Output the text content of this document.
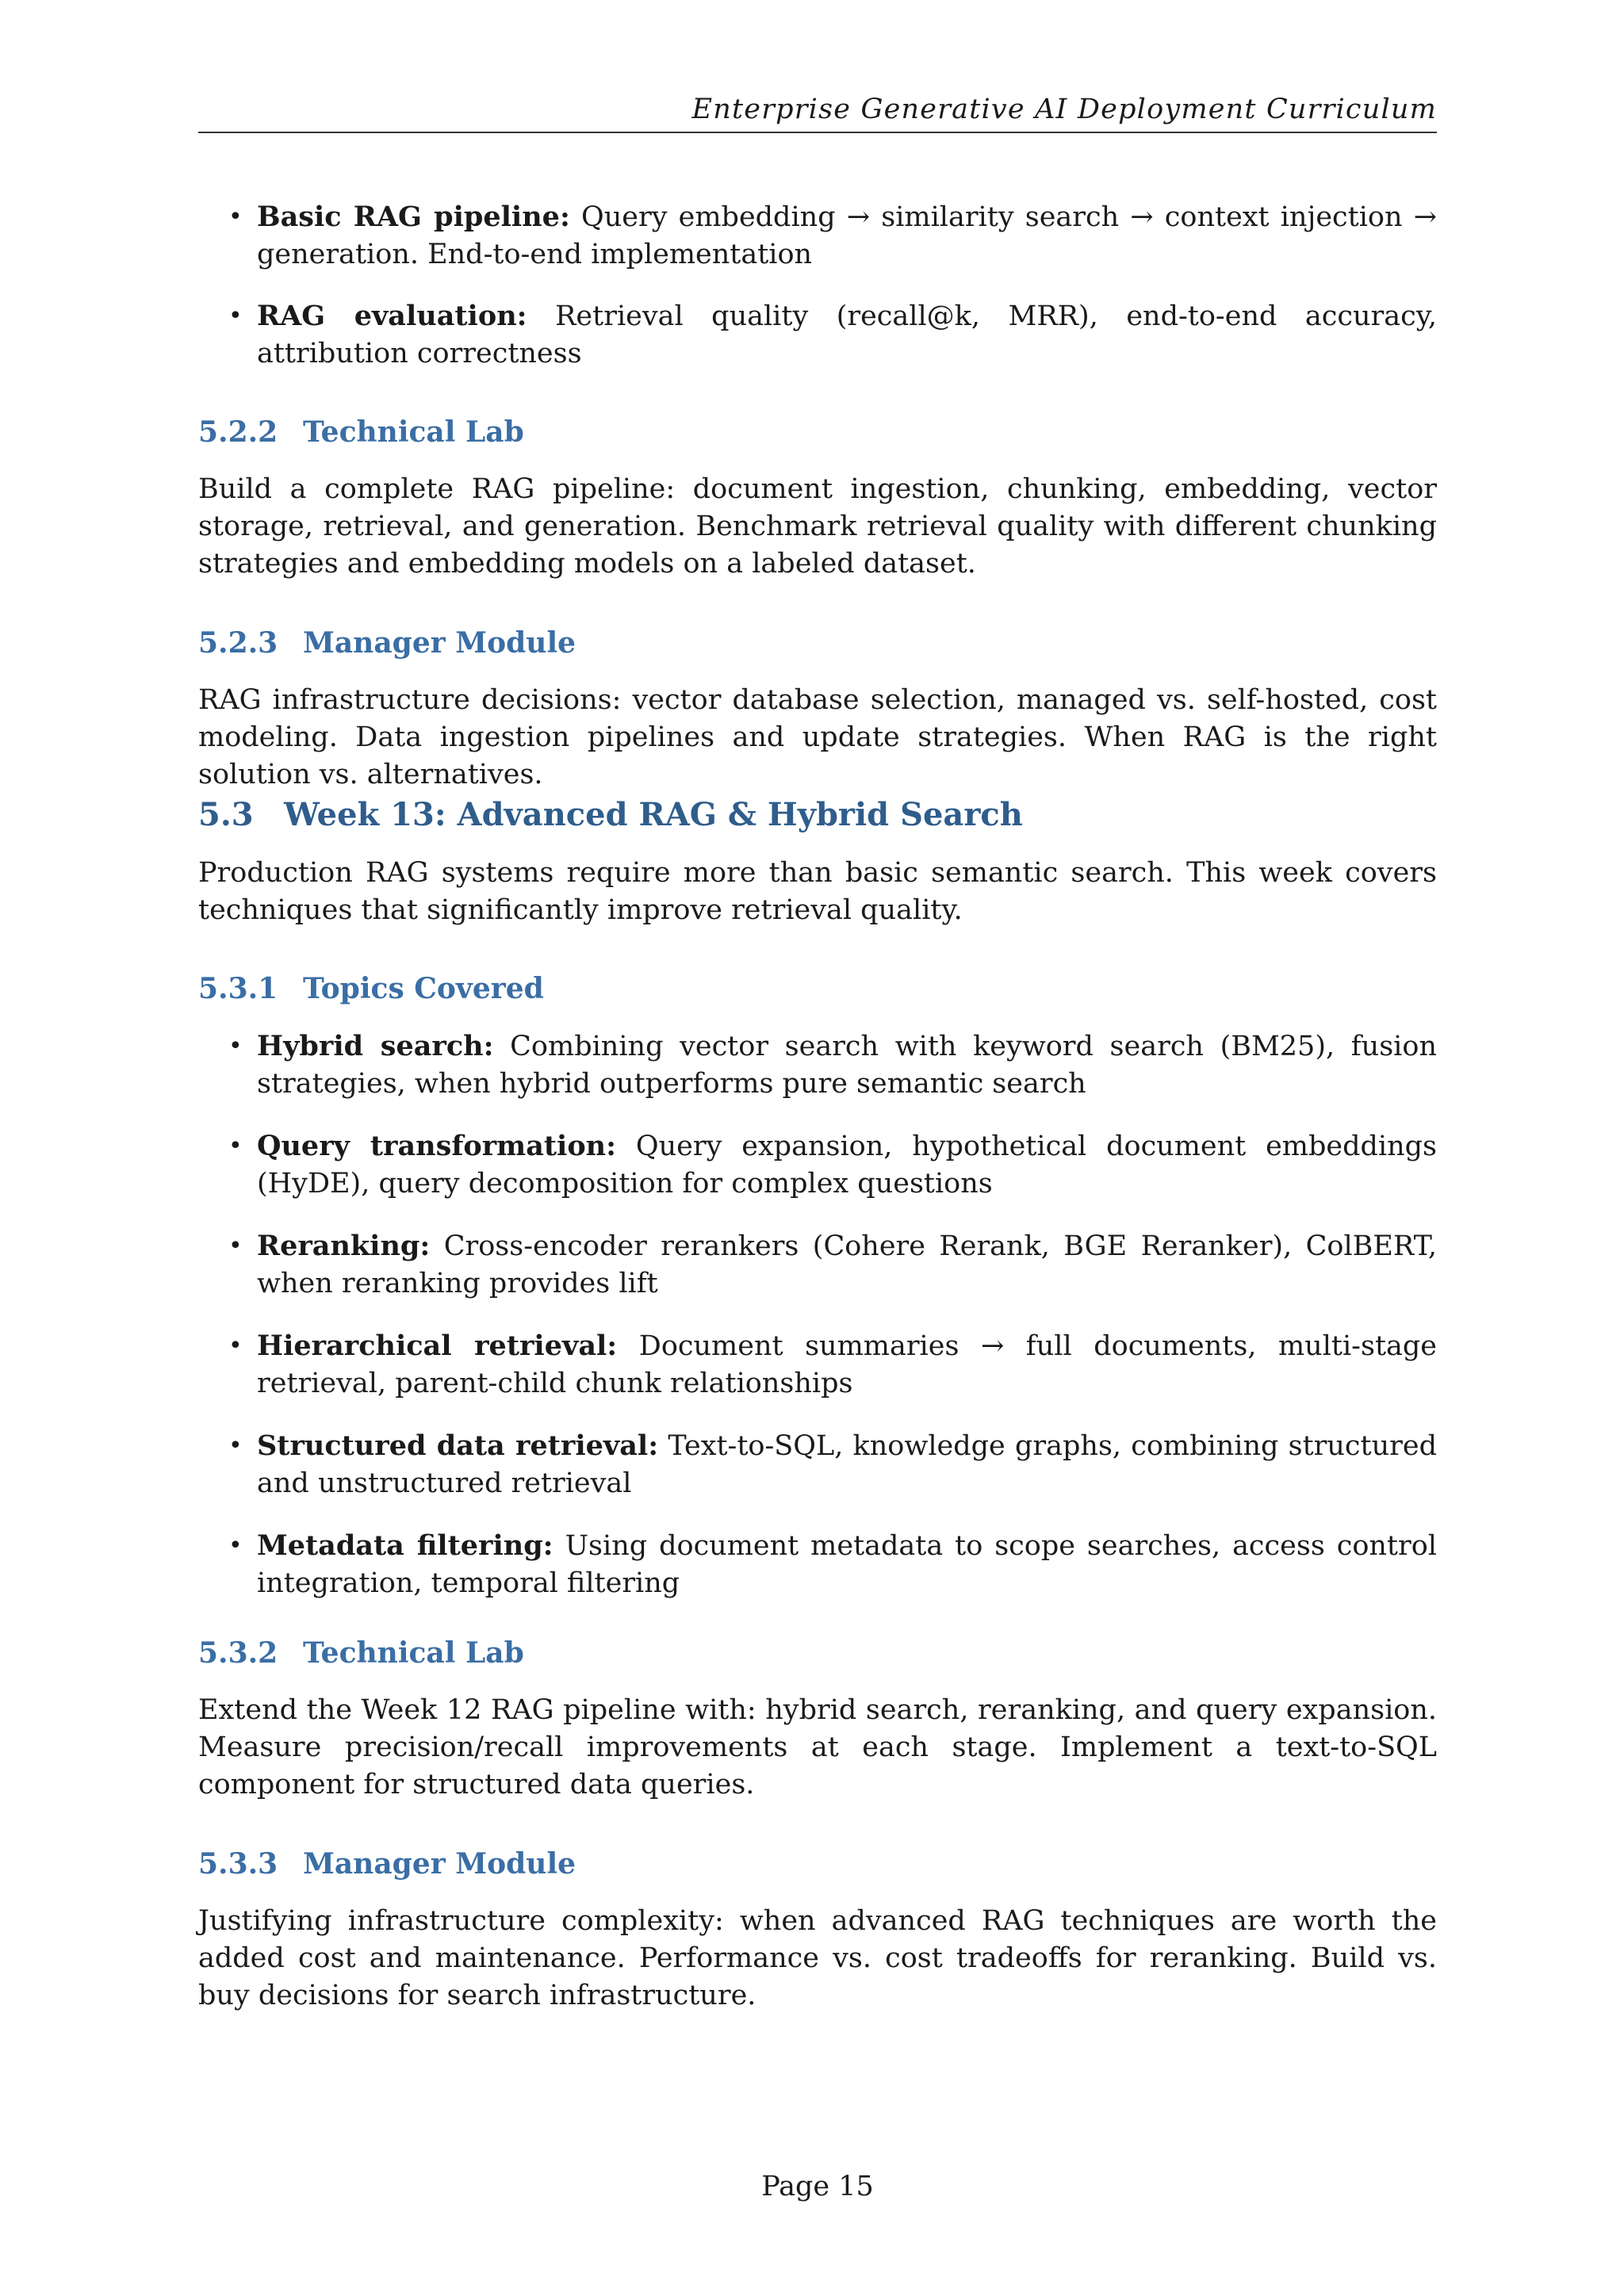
Enterprise Generative AI Deployment Curriculum
• Basic RAG pipeline: Query embedding → similarity search → context injection → generation. End-to-end implementation
• RAG evaluation: Retrieval quality (recall@k, MRR), end-to-end accuracy, attribution correctness
5.2.2 Technical Lab

Build a complete RAG pipeline: document ingestion, chunking, embedding, vector storage, retrieval, and generation. Benchmark retrieval quality with different chunking strategies and embedding models on a labeled dataset.

5.2.3 Manager Module

RAG infrastructure decisions: vector database selection, managed vs. self-hosted, cost modeling. Data ingestion pipelines and update strategies. When RAG is the right solution vs. alternatives.

5.3 Week 13: Advanced RAG & Hybrid Search

Production RAG systems require more than basic semantic search. This week covers techniques that significantly improve retrieval quality.

5.3.1 Topics Covered
• Hybrid search: Combining vector search with keyword search (BM25), fusion strategies, when hybrid outperforms pure semantic search
• Query transformation: Query expansion, hypothetical document embeddings (HyDE), query decomposition for complex questions
• Reranking: Cross-encoder rerankers (Cohere Rerank, BGE Reranker), ColBERT, when reranking provides lift
• Hierarchical retrieval: Document summaries → full documents, multi-stage retrieval, parent-child chunk relationships
• Structured data retrieval: Text-to-SQL, knowledge graphs, combining structured and unstructured retrieval
• Metadata filtering: Using document metadata to scope searches, access control integration, temporal filtering
5.3.2 Technical Lab

Extend the Week 12 RAG pipeline with: hybrid search, reranking, and query expansion. Measure precision/recall improvements at each stage. Implement a text-to-SQL component for structured data queries.

5.3.3 Manager Module

Justifying infrastructure complexity: when advanced RAG techniques are worth the added cost and maintenance. Performance vs. cost tradeoffs for reranking. Build vs. buy decisions for search infrastructure.

Page 15
